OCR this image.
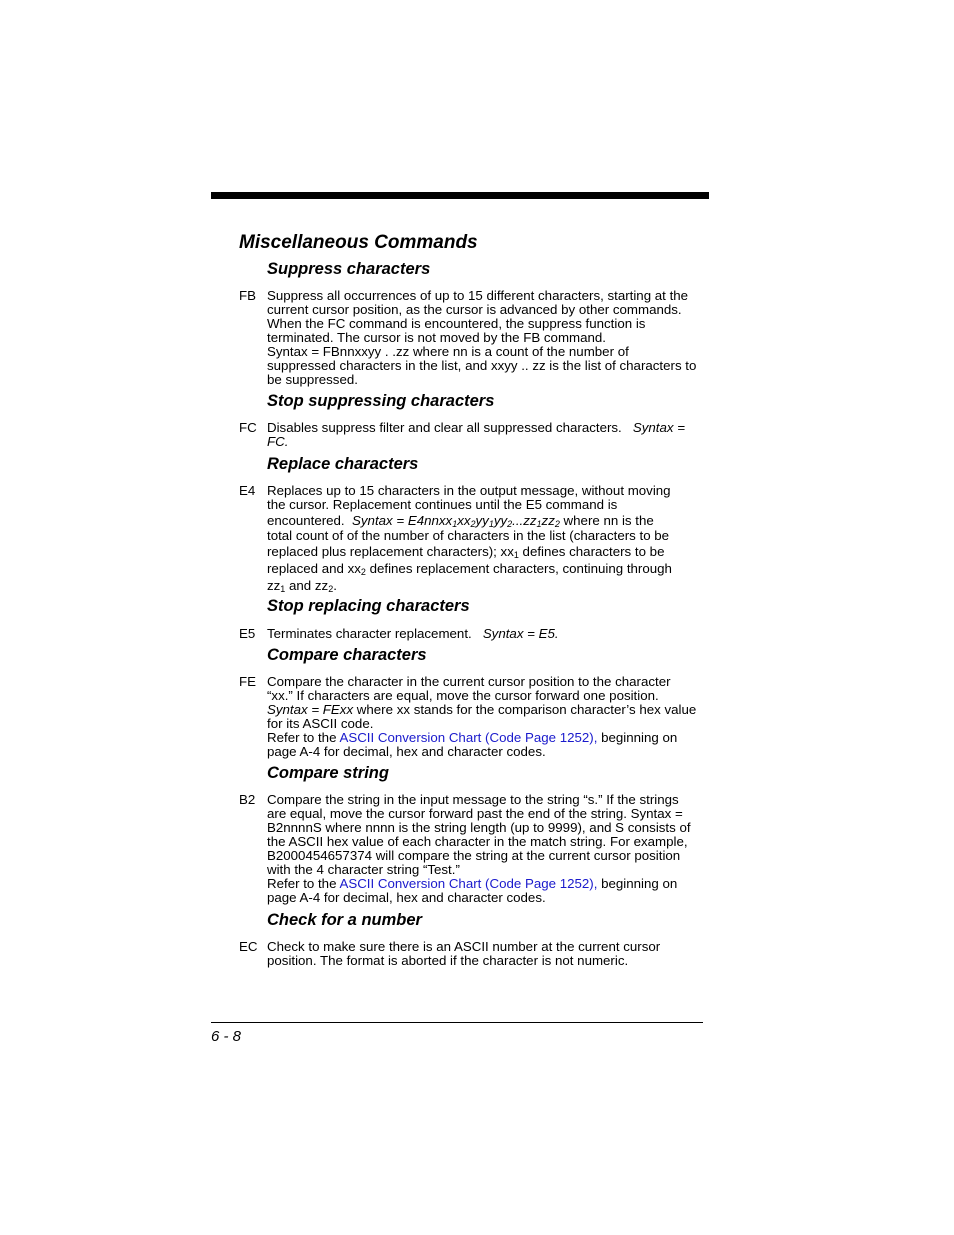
Miscellaneous Commands
Suppress characters
FB Suppress all occurrences of up to 15 different characters, starting at the current cursor position, as the cursor is advanced by other commands. When the FC command is encountered, the suppress function is terminated. The cursor is not moved by the FB command.

Syntax = FBnnxxyy . .zz where nn is a count of the number of suppressed characters in the list, and xxyy .. zz is the list of characters to be suppressed.

Stop suppressing characters
FC Disables suppress filter and clear all suppressed characters. Syntax = FC.
Replace characters
E4 Replaces up to 15 characters in the output message, without moving
the cursor. Replacement continues until the E5 command is
encountered. Syntax = $E4nnxx_1xx_2yy_1yy_2...zz_1zz_2$ where nn is the
total count of of the number of characters in the list (characters to be
replaced plus replacement characters); $xx_1$ defines characters to be
replaced and $xx_2$ defines replacement characters, continuing through
$zz_1$ and $zz_2$.
Stop replacing characters
E5 Terminates character replacement. Syntax = E5.
Compare characters
FE Compare the character in the current cursor position to the character “xx.” If characters are equal, move the cursor forward one position. Syntax = FExx where xx stands for the comparison character’s hex value for its ASCII code.

Refer to the ASCII Conversion Chart (Code Page 1252), beginning on page A-4 for decimal, hex and character codes.

Compare string
B2 Compare the string in the input message to the string “s.” If the strings are equal, move the cursor forward past the end of the string. Syntax = B2nnnnS where nnnn is the string length (up to 9999), and S consists of the ASCII hex value of each character in the match string. For example, B2000454657374 will compare the string at the current cursor position with the 4 character string “Test.”

Refer to the ASCII Conversion Chart (Code Page 1252), beginning on page A-4 for decimal, hex and character codes.

Check for a number
EC Check to make sure there is an ASCII number at the current cursor position. The format is aborted if the character is not numeric.

6 - 8
